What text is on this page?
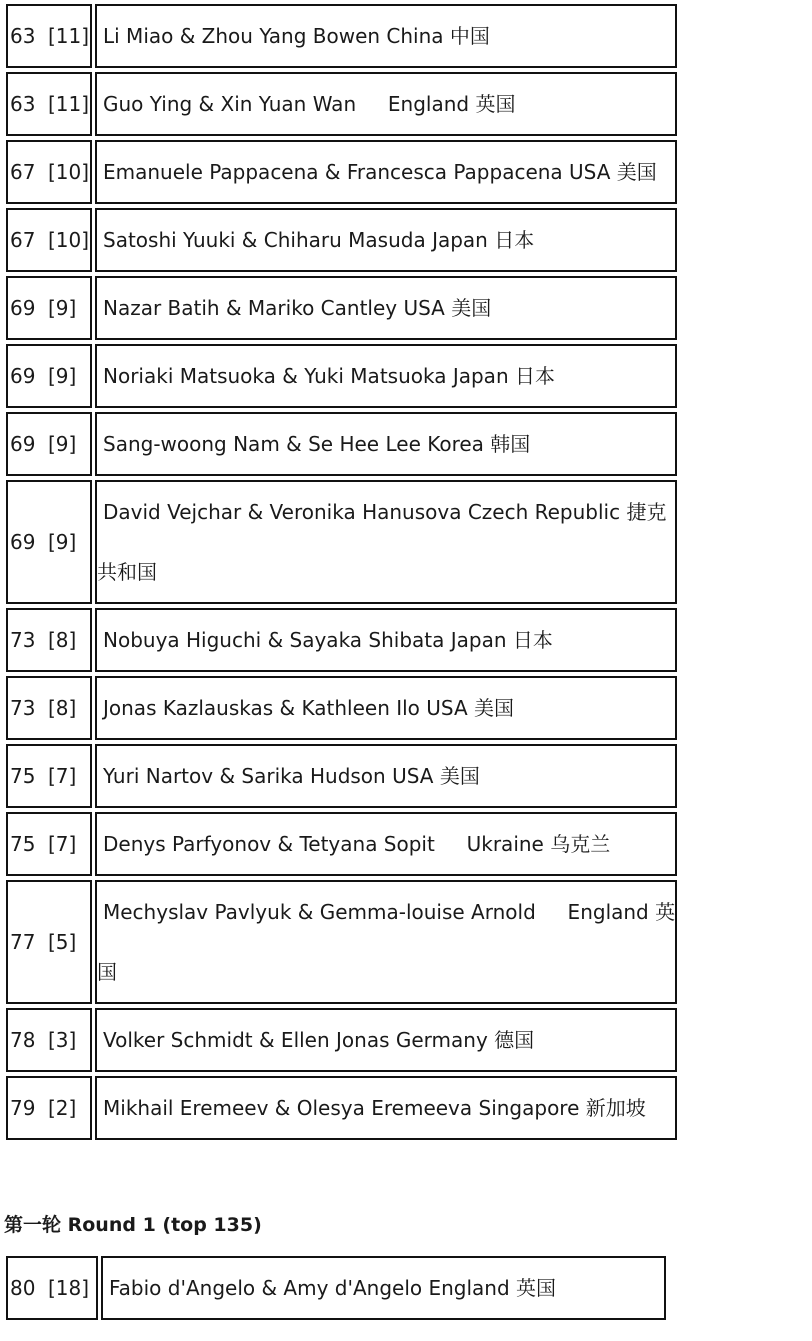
63 [11]	Li Miao & Zhou Yang Bowen China 中国
63 [11]	Guo Ying & Xin Yuan Wan     England 英国
67 [10]	Emanuele Pappacena & Francesca Pappacena USA 美国
67 [10]	Satoshi Yuuki & Chiharu Masuda Japan 日本
69 [9]	Nazar Batih & Mariko Cantley USA 美国
69 [9]	Noriaki Matsuoka & Yuki Matsuoka Japan 日本
69 [9]	Sang-woong Nam & Se Hee Lee Korea 韩国
69 [9]	David Vejchar & Veronika Hanusova Czech Republic 捷克
共和国
73 [8]	Nobuya Higuchi & Sayaka Shibata Japan 日本
73 [8]	Jonas Kazlauskas & Kathleen Ilo USA 美国
75 [7]	Yuri Nartov & Sarika Hudson USA 美国
75 [7]	Denys Parfyonov & Tetyana Sopit     Ukraine 乌克兰
77 [5]	Mechyslav Pavlyuk & Gemma-louise Arnold     England 英
国
78 [3]	Volker Schmidt & Ellen Jonas Germany 德国
79 [2]	Mikhail Eremeev & Olesya Eremeeva Singapore 新加坡
第一轮 Round 1 (top 135)
80 [18]	Fabio d'Angelo & Amy d'Angelo England 英国
